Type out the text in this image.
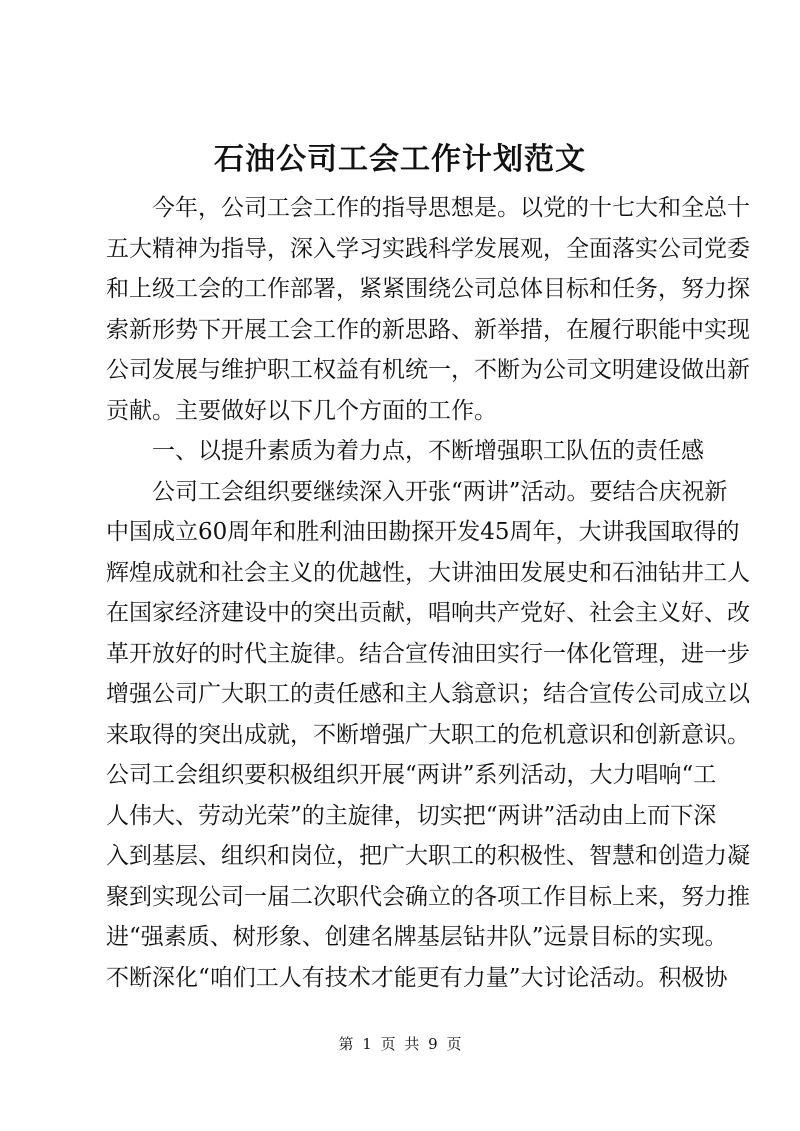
石油公司工会工作计划范文
今年，公司工会工作的指导思想是。以党的十七大和全总十
五大精神为指导，深入学习实践科学发展观，全面落实公司党委
和上级工会的工作部署，紧紧围绕公司总体目标和任务，努力探
索新形势下开展工会工作的新思路、新举措，在履行职能中实现
公司发展与维护职工权益有机统一，不断为公司文明建设做出新
贡献。主要做好以下几个方面的工作。
一、以提升素质为着力点，不断增强职工队伍的责任感
公司工会组织要继续深入开张“两讲”活动。要结合庆祝新
中国成立60周年和胜利油田勘探开发45周年，大讲我国取得的
辉煌成就和社会主义的优越性，大讲油田发展史和石油钻井工人
在国家经济建设中的突出贡献，唱响共产党好、社会主义好、改
革开放好的时代主旋律。结合宣传油田实行一体化管理，进一步
增强公司广大职工的责任感和主人翁意识；结合宣传公司成立以
来取得的突出成就，不断增强广大职工的危机意识和创新意识。
公司工会组织要积极组织开展“两讲”系列活动，大力唱响“工
人伟大、劳动光荣”的主旋律，切实把“两讲”活动由上而下深
入到基层、组织和岗位，把广大职工的积极性、智慧和创造力凝
聚到实现公司一届二次职代会确立的各项工作目标上来，努力推
进“强素质、树形象、创建名牌基层钻井队”远景目标的实现。
不断深化“咱们工人有技术才能更有力量”大讨论活动。积极协
第 1 页 共 9 页
